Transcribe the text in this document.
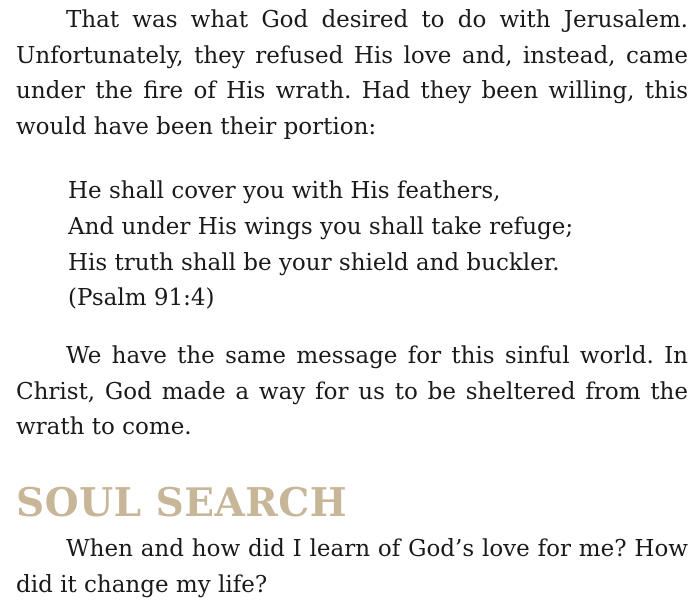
That was what God desired to do with Jerusalem. Unfortunately, they refused His love and, instead, came under the fire of His wrath. Had they been willing, this would have been their portion:

He shall cover you with His feathers,
And under His wings you shall take refuge;
His truth shall be your shield and buckler.
(Psalm 91:4)

We have the same message for this sinful world. In Christ, God made a way for us to be sheltered from the wrath to come.

SOUL SEARCH

When and how did I learn of God’s love for me? How did it change my life?
